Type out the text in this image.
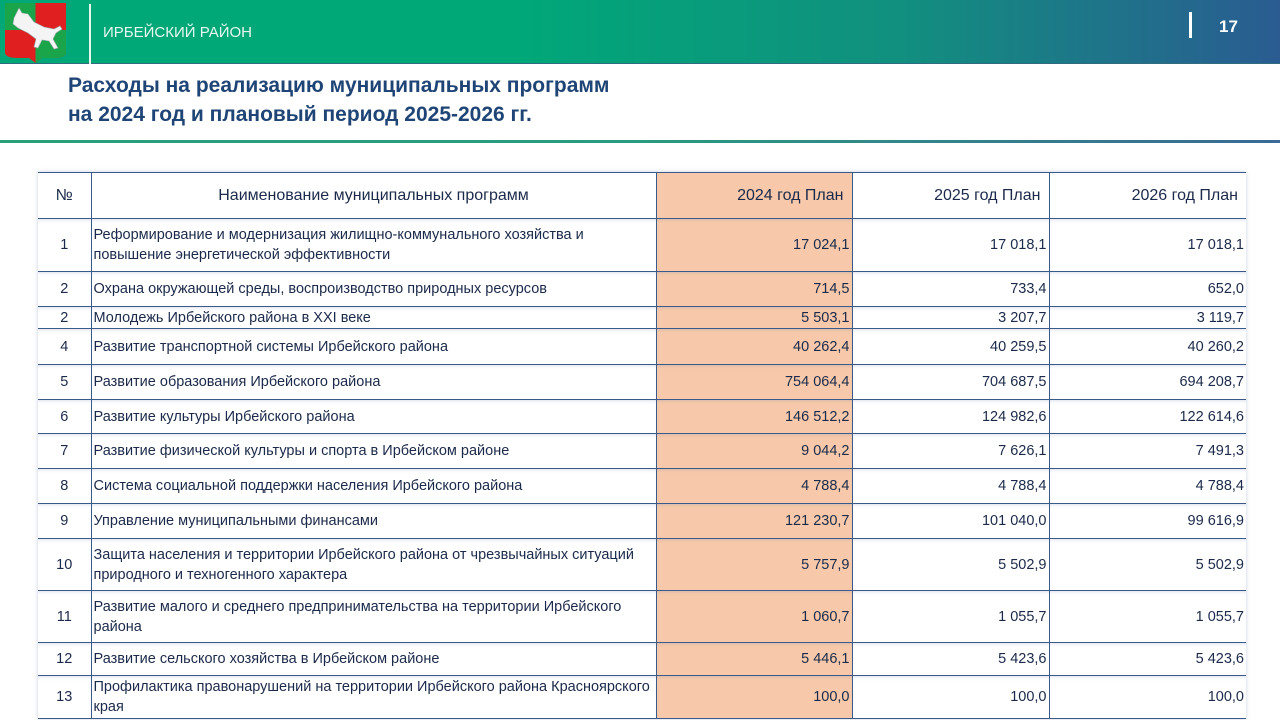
ИРБЕЙСКИЙ РАЙОН	17
Расходы на реализацию муниципальных программ
на 2024 год и плановый период 2025-2026 гг.
№	Наименование муниципальных программ	2024 год План	2025 год План	2026 год План
1	Реформирование и модернизация жилищно-коммунального хозяйства и повышение энергетической эффективности	17 024,1	17 018,1	17 018,1
2	Охрана окружающей среды, воспроизводство природных ресурсов	714,5	733,4	652,0
2	Молодежь Ирбейского района в XXI веке	5 503,1	3 207,7	3 119,7
4	Развитие транспортной системы Ирбейского района	40 262,4	40 259,5	40 260,2
5	Развитие образования Ирбейского района	754 064,4	704 687,5	694 208,7
6	Развитие культуры Ирбейского района	146 512,2	124 982,6	122 614,6
7	Развитие физической культуры и спорта в Ирбейском районе	9 044,2	7 626,1	7 491,3
8	Система социальной поддержки населения Ирбейского района	4 788,4	4 788,4	4 788,4
9	Управление муниципальными финансами	121 230,7	101 040,0	99 616,9
10	Защита населения и территории Ирбейского района от чрезвычайных ситуаций природного и техногенного характера	5 757,9	5 502,9	5 502,9
11	Развитие малого и среднего предпринимательства на территории Ирбейского района	1 060,7	1 055,7	1 055,7
12	Развитие сельского хозяйства в Ирбейском районе	5 446,1	5 423,6	5 423,6
13	Профилактика правонарушений на территории Ирбейского района Красноярского края	100,0	100,0	100,0
